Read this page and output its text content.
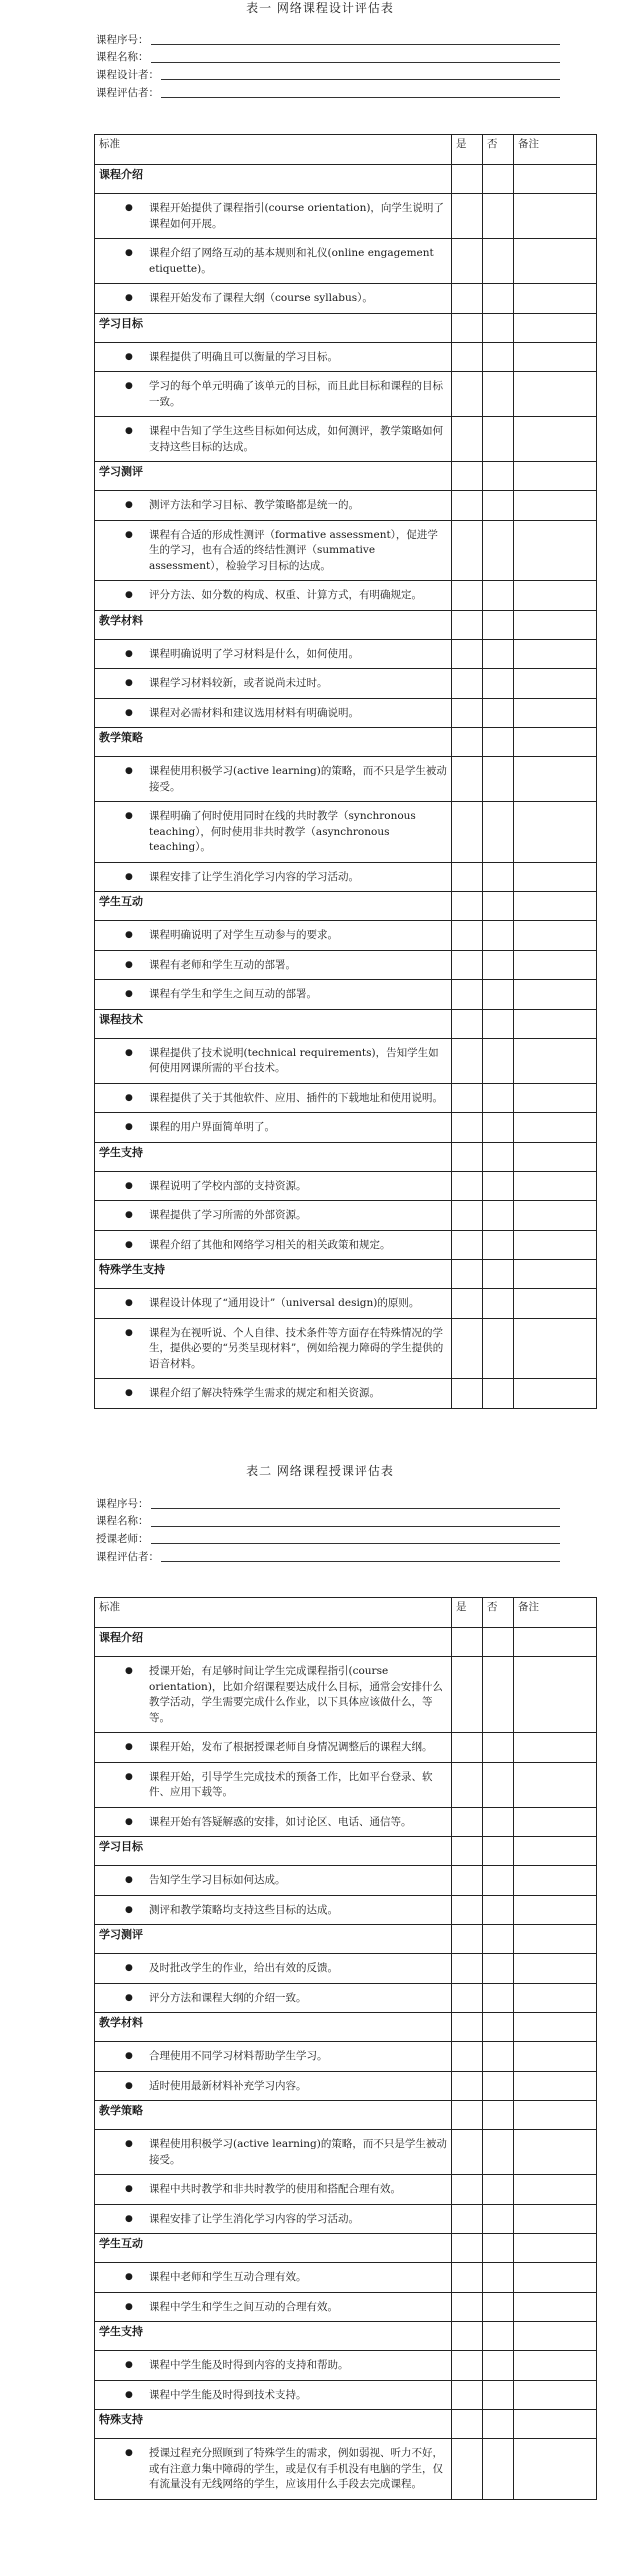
表一 网络课程设计评估表
课程序号：
课程名称：
课程设计者：
课程评估者：
标准	是	否	备注
课程介绍			

● 课程开始提供了课程指引(course orientation)，向学生说明了课程如何开展。			

● 课程介绍了网络互动的基本规则和礼仪(online engagement etiquette)。			

● 课程开始发布了课程大纲（course syllabus）。			

学习目标			

● 课程提供了明确且可以衡量的学习目标。			

● 学习的每个单元明确了该单元的目标，而且此目标和课程的目标一致。			

● 课程中告知了学生这些目标如何达成，如何测评，教学策略如何支持这些目标的达成。			

学习测评			

● 测评方法和学习目标、教学策略都是统一的。			

● 课程有合适的形成性测评（formative assessment），促进学生的学习，也有合适的终结性测评（summative assessment），检验学习目标的达成。			

● 评分方法、如分数的构成、权重、计算方式，有明确规定。			

教学材料			

● 课程明确说明了学习材料是什么，如何使用。			

● 课程学习材料较新，或者说尚未过时。			

● 课程对必需材料和建议选用材料有明确说明。			

教学策略			

● 课程使用积极学习(active learning)的策略，而不只是学生被动接受。			

● 课程明确了何时使用同时在线的共时教学（synchronous teaching），何时使用非共时教学（asynchronous teaching）。			

● 课程安排了让学生消化学习内容的学习活动。			

学生互动			

● 课程明确说明了对学生互动参与的要求。			

● 课程有老师和学生互动的部署。			

● 课程有学生和学生之间互动的部署。			

课程技术			

● 课程提供了技术说明(technical requirements)，告知学生如何使用网课所需的平台技术。			

● 课程提供了关于其他软件、应用、插件的下载地址和使用说明。			

● 课程的用户界面简单明了。			

学生支持			

● 课程说明了学校内部的支持资源。			

● 课程提供了学习所需的外部资源。			

● 课程介绍了其他和网络学习相关的相关政策和规定。			

特殊学生支持			

● 课程设计体现了“通用设计”（universal design)的原则。			

● 课程为在视听说、个人自律、技术条件等方面存在特殊情况的学生，提供必要的“另类呈现材料”，例如给视力障碍的学生提供的语音材料。			

● 课程介绍了解决特殊学生需求的规定和相关资源。			

表二 网络课程授课评估表
课程序号：
课程名称：
授课老师：
课程评估者：
标准	是	否	备注
课程介绍			

● 授课开始，有足够时间让学生完成课程指引(course orientation)，比如介绍课程要达成什么目标，通常会安排什么教学活动，学生需要完成什么作业，以下具体应该做什么，等等。			

● 课程开始，发布了根据授课老师自身情况调整后的课程大纲。			

● 课程开始，引导学生完成技术的预备工作，比如平台登录、软件、应用下载等。			

● 课程开始有答疑解惑的安排，如讨论区、电话、通信等。			

学习目标			

● 告知学生学习目标如何达成。			

● 测评和教学策略均支持这些目标的达成。			

学习测评			

● 及时批改学生的作业，给出有效的反馈。			

● 评分方法和课程大纲的介绍一致。			

教学材料			

● 合理使用不同学习材料帮助学生学习。			

● 适时使用最新材料补充学习内容。			

教学策略			

● 课程使用积极学习(active learning)的策略，而不只是学生被动接受。			

● 课程中共时教学和非共时教学的使用和搭配合理有效。			

● 课程安排了让学生消化学习内容的学习活动。			

学生互动			

● 课程中老师和学生互动合理有效。			

● 课程中学生和学生之间互动的合理有效。			

学生支持			

● 课程中学生能及时得到内容的支持和帮助。			

● 课程中学生能及时得到技术支持。			

特殊支持			

● 授课过程充分照顾到了特殊学生的需求，例如弱视、听力不好，或有注意力集中障碍的学生，或是仅有手机没有电脑的学生，仅有流量没有无线网络的学生，应该用什么手段去完成课程。			
